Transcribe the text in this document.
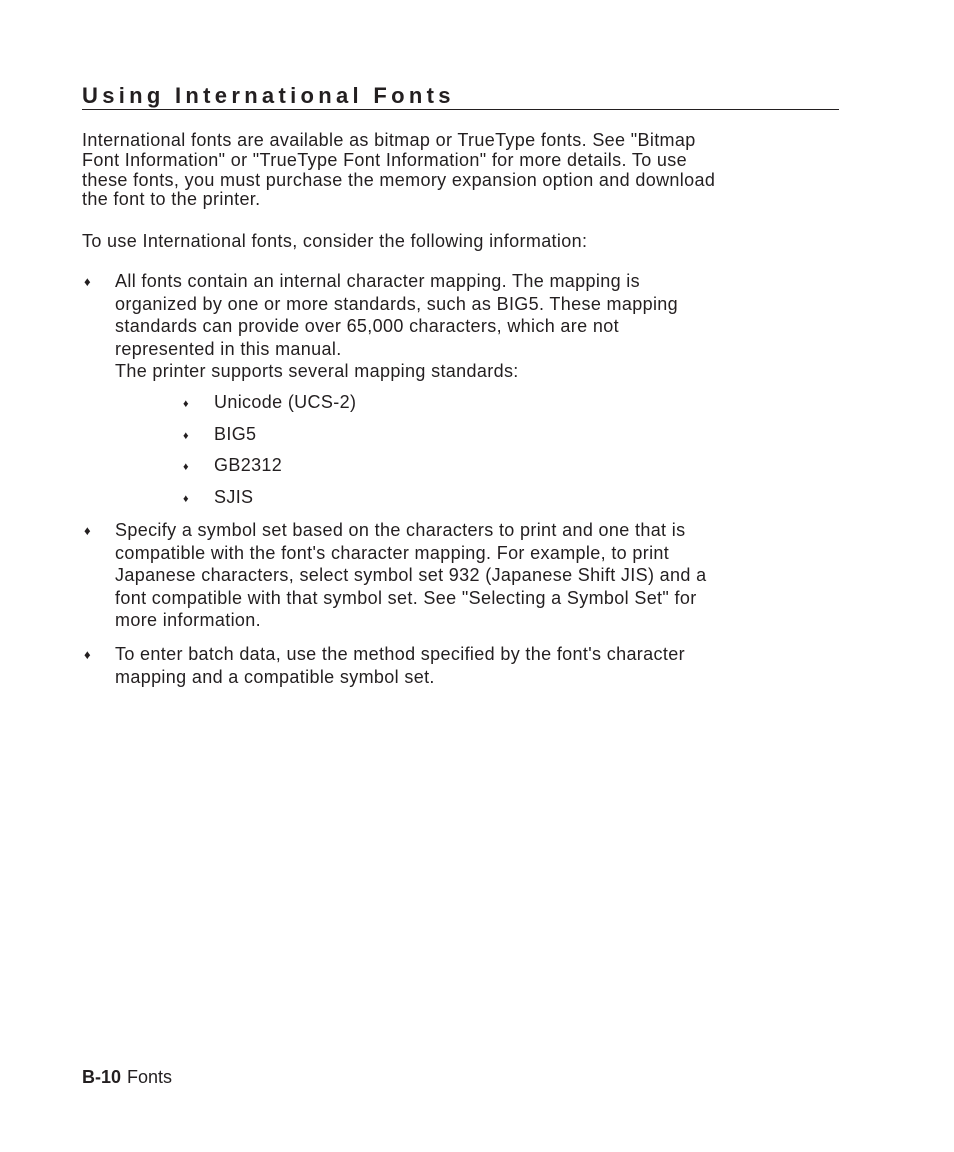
Using International Fonts

International fonts are available as bitmap or TrueType fonts. See "Bitmap
Font Information" or "TrueType Font Information" for more details. To use
these fonts, you must purchase the memory expansion option and download
the font to the printer.

To use International fonts, consider the following information:

♦ All fonts contain an internal character mapping. The mapping is
organized by one or more standards, such as BIG5. These mapping
standards can provide over 65,000 characters, which are not
represented in this manual.
The printer supports several mapping standards:

♦ Unicode (UCS-2)

♦ BIG5

♦ GB2312

♦ SJIS

♦ Specify a symbol set based on the characters to print and one that is
compatible with the font's character mapping. For example, to print
Japanese characters, select symbol set 932 (Japanese Shift JIS) and a
font compatible with that symbol set. See "Selecting a Symbol Set" for
more information.

♦ To enter batch data, use the method specified by the font's character
mapping and a compatible symbol set.

B-10 Fonts
